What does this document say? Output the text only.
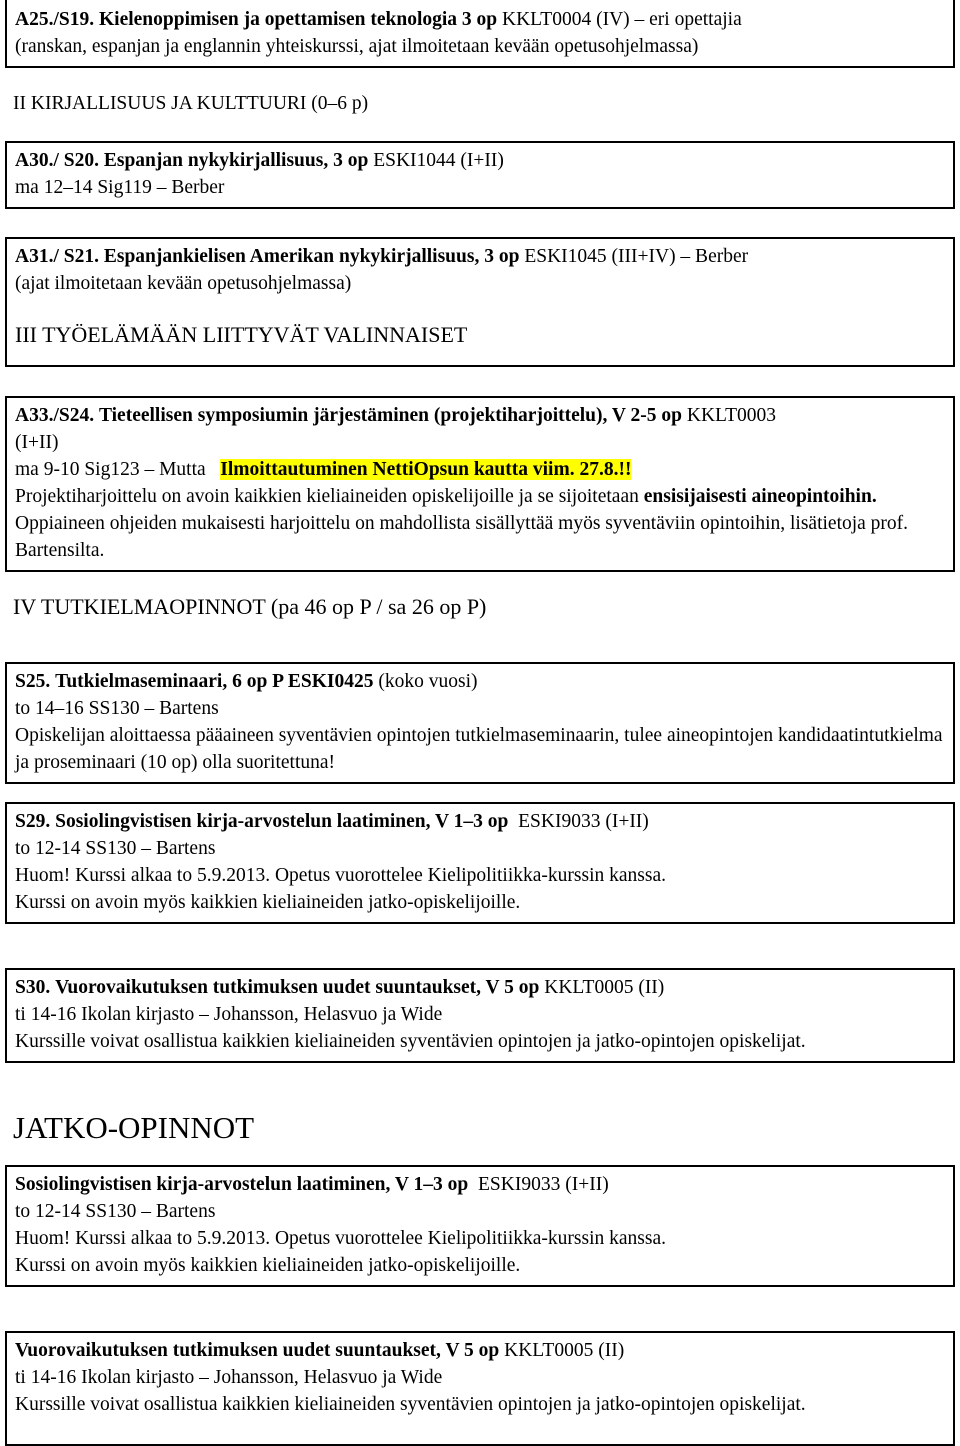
A25./S19. Kielenoppimisen ja opettamisen teknologia 3 op KKLT0004 (IV) – eri opettajia
(ranskan, espanjan ja englannin yhteiskurssi, ajat ilmoitetaan kevään opetusohjelmassa)
II KIRJALLISUUS JA KULTTUURI (0–6 p)
A30./ S20. Espanjan nykykirjallisuus, 3 op ESKI1044 (I+II)
ma 12–14 Sig119 – Berber
A31./ S21. Espanjankielisen Amerikan nykykirjallisuus, 3 op ESKI1045 (III+IV) – Berber
(ajat ilmoitetaan kevään opetusohjelmassa)
III TYÖELÄMÄÄN LIITTYVÄT VALINNAISET
A33./S24. Tieteellisen symposiumin järjestäminen (projektiharjoittelu), V 2-5 op KKLT0003
(I+II)
ma 9-10 Sig123 – Mutta Ilmoittautuminen NettiOpsun kautta viim. 27.8.!!
Projektiharjoittelu on avoin kaikkien kieliaineiden opiskelijoille ja se sijoitetaan ensisijaisesti aineopintoihin. Oppiaineen ohjeiden mukaisesti harjoittelu on mahdollista sisällyttää myös syventäviin opintoihin, lisätietoja prof. Bartensilta.
IV TUTKIELMAOPINNOT (pa 46 op P / sa 26 op P)
S25. Tutkielmaseminaari, 6 op P ESKI0425 (koko vuosi)
to 14–16 SS130 – Bartens
Opiskelijan aloittaessa pääaineen syventävien opintojen tutkielmaseminaarin, tulee aineopintojen kandidaatintutkielma ja proseminaari (10 op) olla suoritettuna!
S29. Sosiolingvistisen kirja-arvostelun laatiminen, V 1–3 op ESKI9033 (I+II)
to 12-14 SS130 – Bartens
Huom! Kurssi alkaa to 5.9.2013. Opetus vuorottelee Kielipolitiikka-kurssin kanssa.
Kurssi on avoin myös kaikkien kieliaineiden jatko-opiskelijoille.
S30. Vuorovaikutuksen tutkimuksen uudet suuntaukset, V 5 op KKLT0005 (II)
ti 14-16 Ikolan kirjasto – Johansson, Helasvuo ja Wide
Kurssille voivat osallistua kaikkien kieliaineiden syventävien opintojen ja jatko-opintojen opiskelijat.
JATKO-OPINNOT
Sosiolingvistisen kirja-arvostelun laatiminen, V 1–3 op ESKI9033 (I+II)
to 12-14 SS130 – Bartens
Huom! Kurssi alkaa to 5.9.2013. Opetus vuorottelee Kielipolitiikka-kurssin kanssa.
Kurssi on avoin myös kaikkien kieliaineiden jatko-opiskelijoille.
Vuorovaikutuksen tutkimuksen uudet suuntaukset, V 5 op KKLT0005 (II)
ti 14-16 Ikolan kirjasto – Johansson, Helasvuo ja Wide
Kurssille voivat osallistua kaikkien kieliaineiden syventävien opintojen ja jatko-opintojen opiskelijat.
